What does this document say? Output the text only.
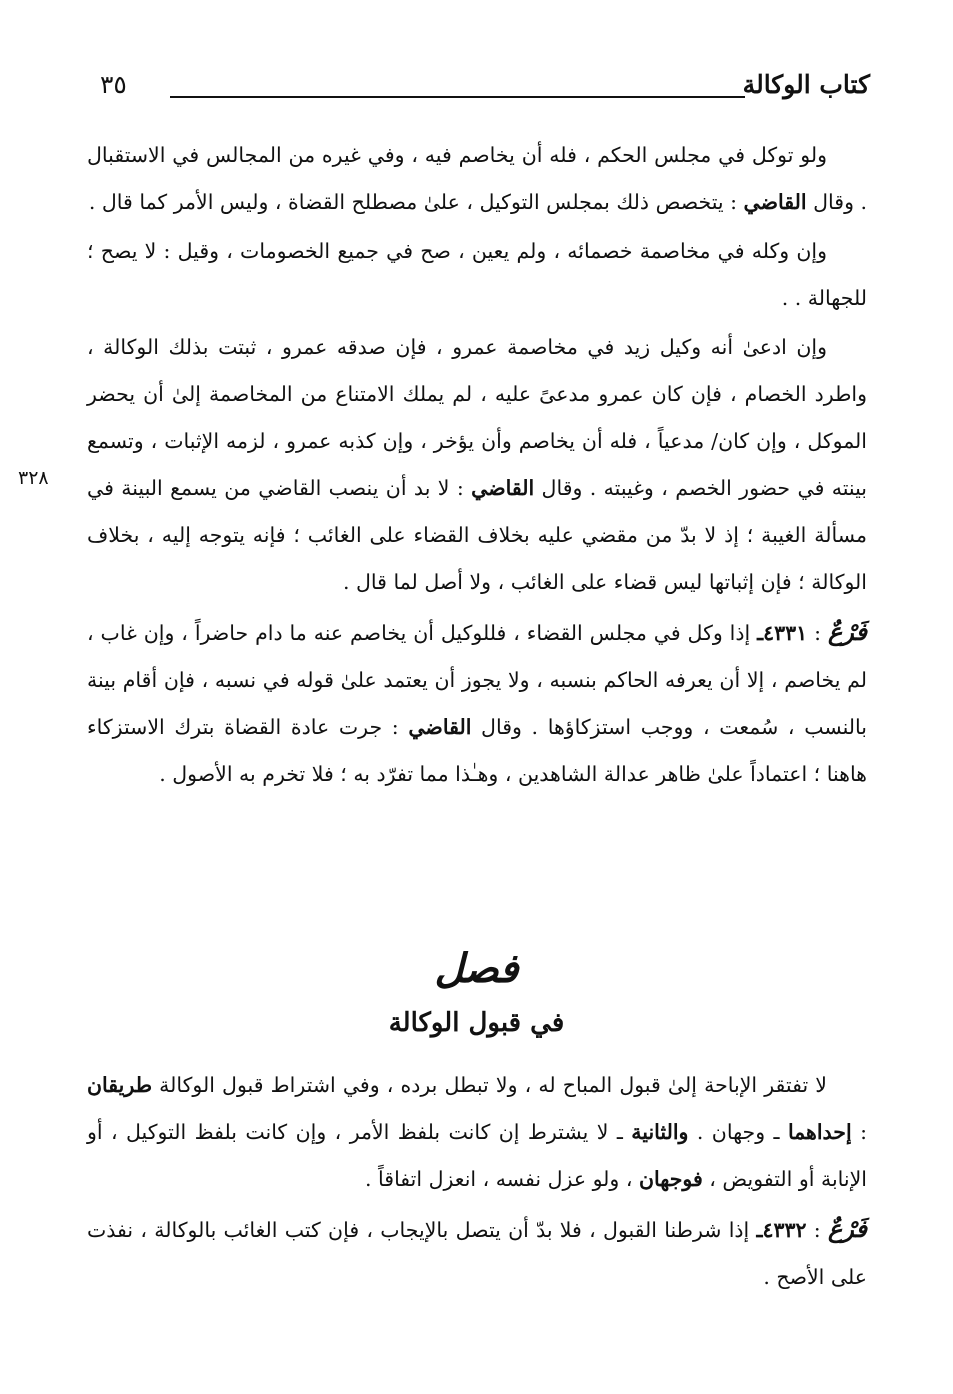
كتاب الوكالة
٣٥
٣٢٨

ولو توكل في مجلس الحكم ، فله أن يخاصم فيه ، وفي غيره من المجالس في الاستقبال . وقال القاضي : يتخصص ذلك بمجلس التوكيل ، علىٰ مصطلح القضاة ، وليس الأمر كما قال .

وإن وكله في مخاصمة خصمائه ، ولم يعين ، صح في جميع الخصومات ، وقيل : لا يصح ؛ للجهالة . .

وإن ادعىٰ أنه وكيل زيد في مخاصمة عمرو ، فإن صدقه عمرو ، ثبتت بذلك الوكالة ، واطرد الخصام ، فإن كان عمرو مدعىً عليه ، لم يملك الامتناع من المخاصمة إلىٰ أن يحضر الموكل ، وإن كان/ مدعياً ، فله أن يخاصم وأن يؤخر ، وإن كذبه عمرو ، لزمه الإثبات ، وتسمع بينته في حضور الخصم ، وغيبته . وقال القاضي : لا بد أن ينصب القاضي من يسمع البينة في مسألة الغيبة ؛ إذ لا بدّ من مقضي عليه بخلاف القضاء على الغائب ؛ فإنه يتوجه إليه ، بخلاف الوكالة ؛ فإن إثباتها ليس قضاء على الغائب ، ولا أصل لما قال .

فَرْعٌ : ٤٣٣١ـ إذا وكل في مجلس القضاء ، فللوكيل أن يخاصم عنه ما دام حاضراً ، وإن غاب ، لم يخاصم ، إلا أن يعرفه الحاكم بنسبه ، ولا يجوز أن يعتمد علىٰ قوله في نسبه ، فإن أقام بينة بالنسب ، سُمعت ، ووجب استزكاؤها . وقال القاضي : جرت عادة القضاة بترك الاستزكاء هاهنا ؛ اعتماداً علىٰ ظاهر عدالة الشاهدين ، وهـٰذا مما تفرّد به ؛ فلا تخرم به الأصول .

فصل
في قبول الوكالة

لا تفتقر الإباحة إلىٰ قبول المباح له ، ولا تبطل برده ، وفي اشتراط قبول الوكالة طريقان : إحداهما ـ وجهان . والثانية ـ لا يشترط إن كانت بلفظ الأمر ، وإن كانت بلفظ التوكيل ، أو الإنابة أو التفويض ، فوجهان ، ولو عزل نفسه ، انعزل اتفاقاً .

فَرْعٌ : ٤٣٣٢ـ إذا شرطنا القبول ، فلا بدّ أن يتصل بالإيجاب ، فإن كتب الغائب بالوكالة ، نفذت على الأصح .
